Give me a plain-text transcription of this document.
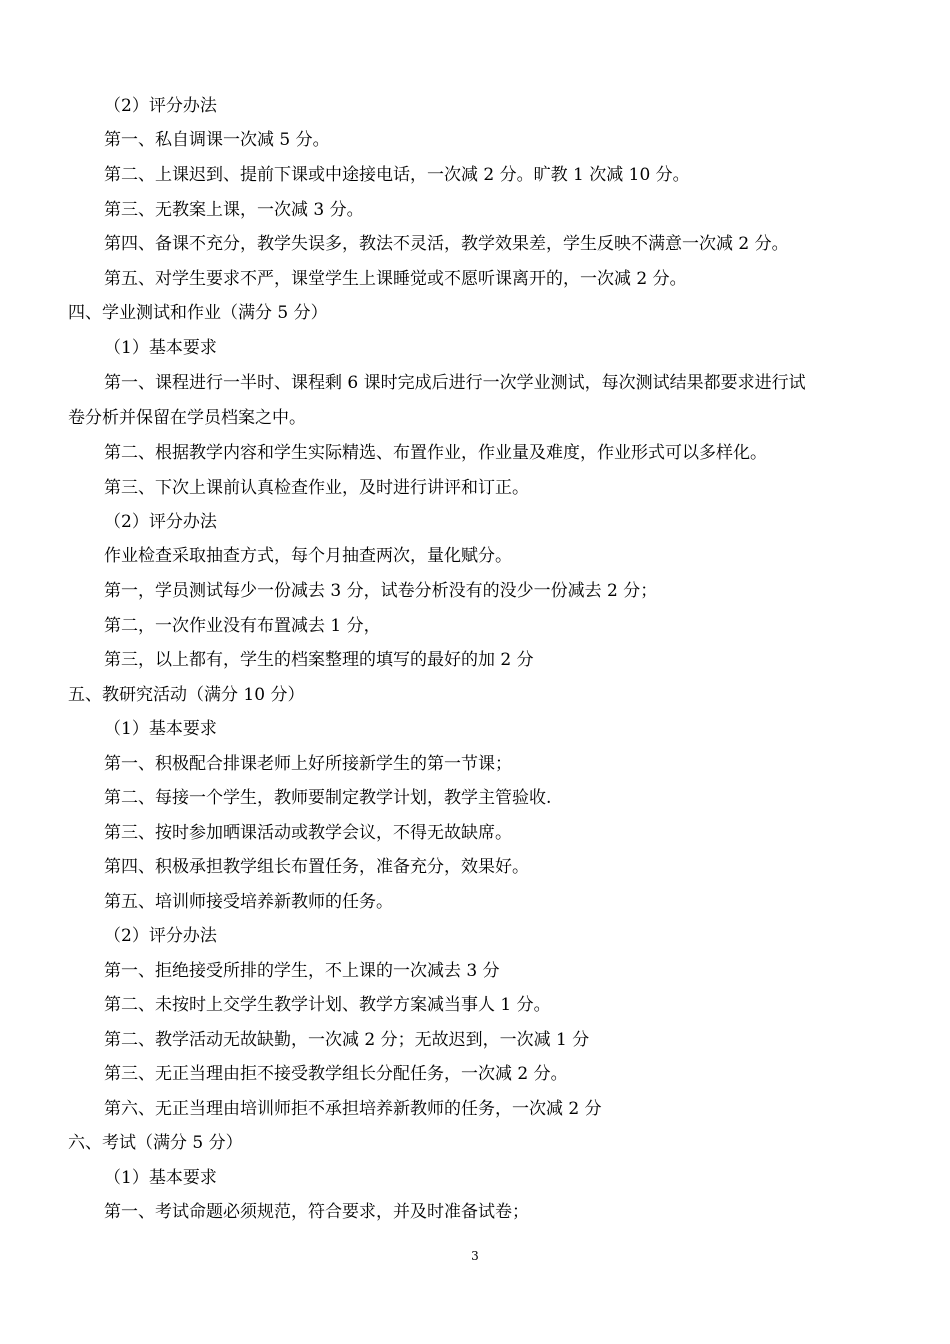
（2）评分办法
第一、私自调课一次减 5 分。
第二、上课迟到、提前下课或中途接电话，一次减 2 分。旷教 1 次减 10 分。
第三、无教案上课，一次减 3 分。
第四、备课不充分，教学失误多，教法不灵活，教学效果差，学生反映不满意一次减 2 分。
第五、对学生要求不严，课堂学生上课睡觉或不愿听课离开的，一次减 2 分。
四、学业测试和作业（满分 5 分）
（1）基本要求
第一、课程进行一半时、课程剩 6 课时完成后进行一次学业测试，每次测试结果都要求进行试
卷分析并保留在学员档案之中。
第二、根据教学内容和学生实际精选、布置作业，作业量及难度，作业形式可以多样化。
第三、下次上课前认真检查作业，及时进行讲评和订正。
（2）评分办法
作业检查采取抽查方式，每个月抽查两次，量化赋分。
第一，学员测试每少一份减去 3 分，试卷分析没有的没少一份减去 2 分；
第二，一次作业没有布置减去 1 分，
第三，以上都有，学生的档案整理的填写的最好的加 2 分
五、教研究活动（满分 10 分）
（1）基本要求
第一、积极配合排课老师上好所接新学生的第一节课；
第二、每接一个学生，教师要制定教学计划，教学主管验收.
第三、按时参加晒课活动或教学会议，不得无故缺席。
第四、积极承担教学组长布置任务，准备充分，效果好。
第五、培训师接受培养新教师的任务。
（2）评分办法
第一、拒绝接受所排的学生，不上课的一次减去 3 分
第二、未按时上交学生教学计划、教学方案减当事人 1 分。
第二、教学活动无故缺勤，一次减 2 分；无故迟到，一次减 1 分
第三、无正当理由拒不接受教学组长分配任务，一次减 2 分。
第六、无正当理由培训师拒不承担培养新教师的任务，一次减 2 分
六、考试（满分 5 分）
（1）基本要求
第一、考试命题必须规范，符合要求，并及时准备试卷；
3
